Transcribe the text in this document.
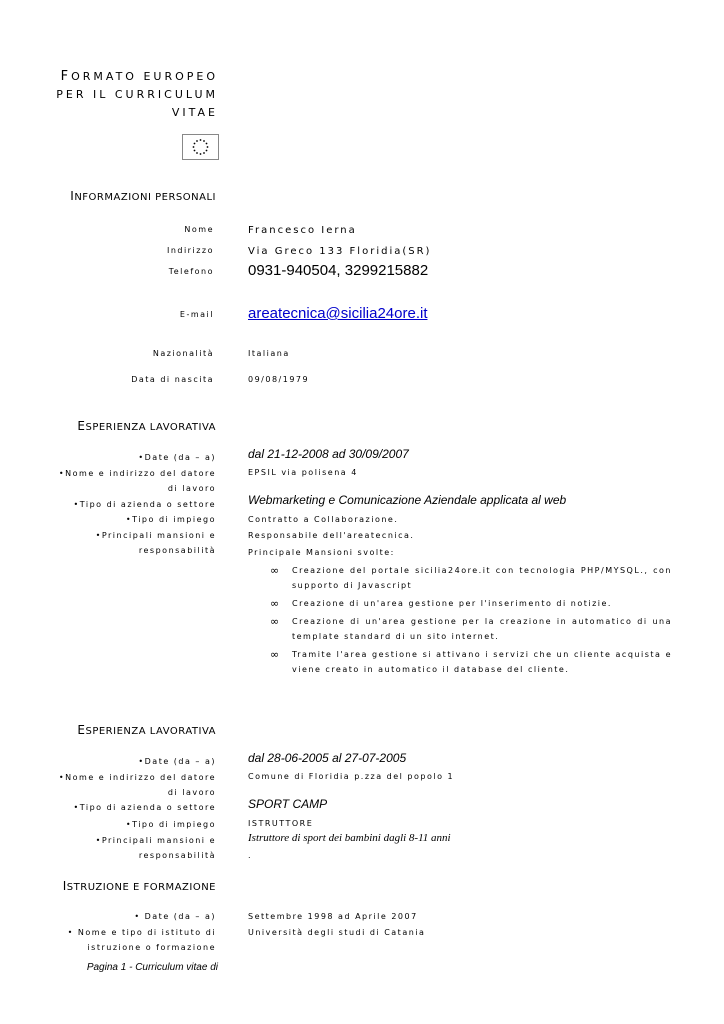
FORMATO EUROPEO
PER IL CURRICULUM
VITAE
INFORMAZIONI PERSONALI
Nome	Francesco Ierna
Indirizzo	Via Greco 133 Floridia(SR)
Telefono 0931-940504, 3299215882
E-mail areatecnica@sicilia24ore.it
Nazionalità	Italiana
Data di nascita	09/08/1979
ESPERIENZA LAVORATIVA
•Date (da – a)	dal 21-12-2008 ad 30/09/2007
•Nome e indirizzo del datore
di lavoro
EPSIL via polisena 4
•Tipo di azienda o settore	Webmarketing e Comunicazione Aziendale applicata al web
•Tipo di impiego	Contratto a Collaborazione.
•Principali mansioni e
responsabilità
Responsabile dell'areatecnica.
Principale Mansioni svolte:
∞	Creazione del portale sicilia24ore.it con tecnologia PHP/MYSQL., con supporto di Javascript
∞	Creazione di un'area gestione per l'inserimento di notizie.
∞	Creazione di un'area gestione per la creazione in automatico di una template standard di un sito internet.
∞	Tramite l'area gestione si attivano i servizi che un cliente acquista e viene creato in automatico il database del cliente.
ESPERIENZA LAVORATIVA
•Date (da – a)	dal 28-06-2005 al 27-07-2005
•Nome e indirizzo del datore
di lavoro
Comune di Floridia p.zza del popolo 1
•Tipo di azienda o settore	SPORT CAMP
•Tipo di impiego	ISTRUTTORE
•Principali mansioni e
responsabilità
Istruttore di sport dei bambini dagli 8-11 anni
.
ISTRUZIONE E FORMAZIONE
• Date (da – a)	Settembre 1998 ad Aprile 2007
• Nome e tipo di istituto di
istruzione o formazione
Università degli studi di Catania
Pagina 1 - Curriculum vitae di
